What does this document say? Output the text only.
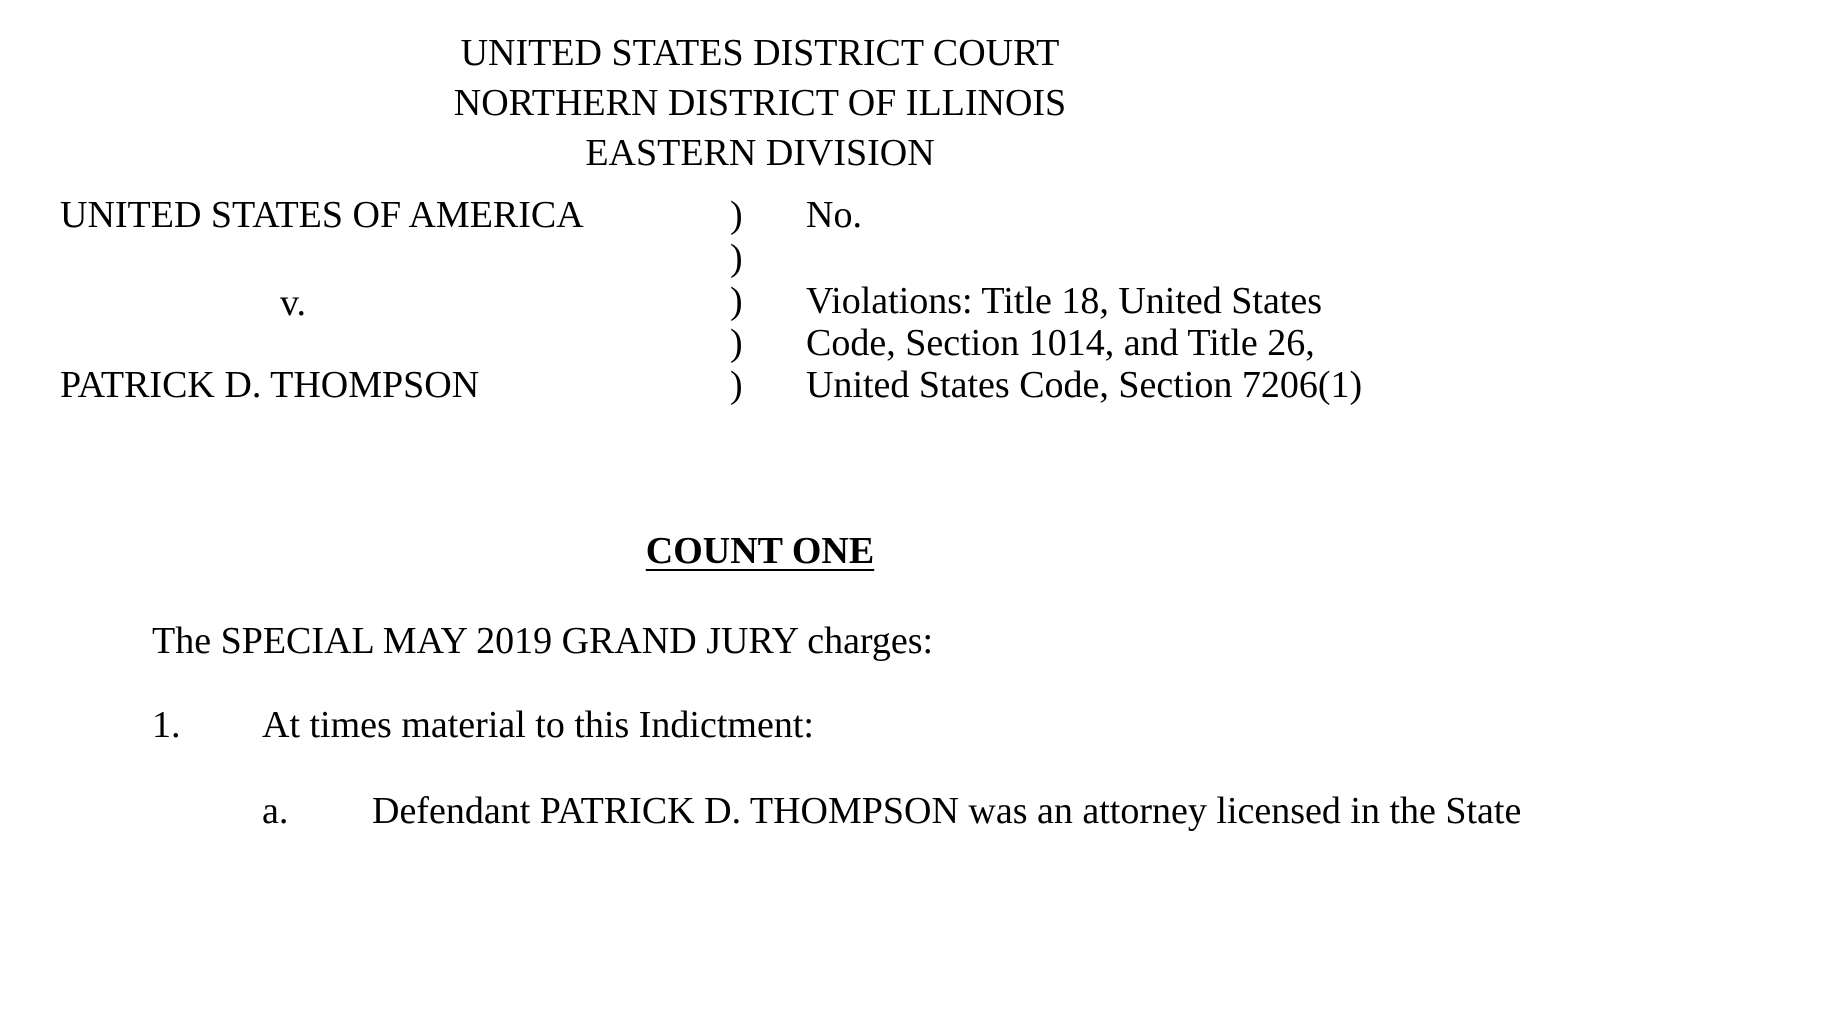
UNITED STATES DISTRICT COURT
NORTHERN DISTRICT OF ILLINOIS
EASTERN DIVISION
UNITED STATES OF AMERICA
v.
PATRICK D. THOMPSON
)
)
)
)
)
No.
Violations: Title 18, United States
Code, Section 1014, and Title 26,
United States Code, Section 7206(1)
COUNT ONE
The SPECIAL MAY 2019 GRAND JURY charges:
1. At times material to this Indictment:
a. Defendant PATRICK D. THOMPSON was an attorney licensed in the State
